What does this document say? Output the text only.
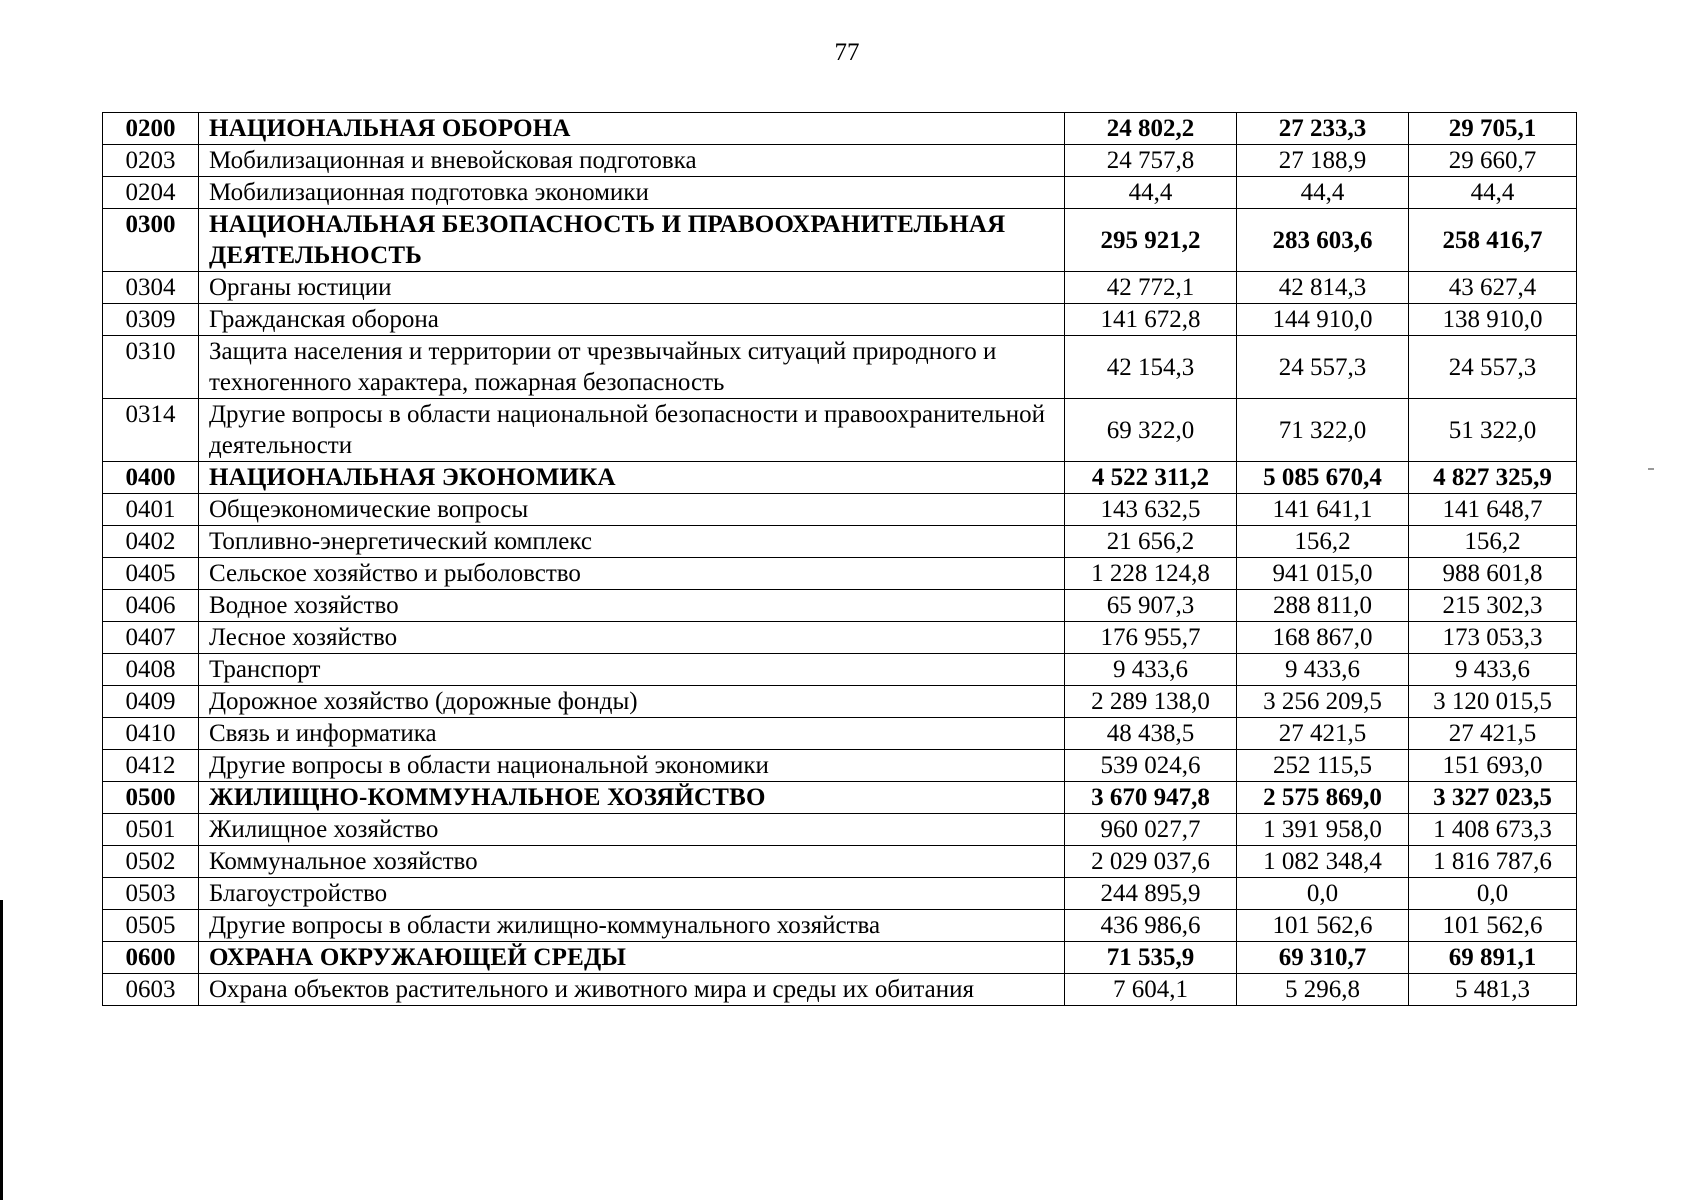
77
0200	НАЦИОНАЛЬНАЯ ОБОРОНА	24 802,2	27 233,3	29 705,1
0203	Мобилизационная и вневойсковая подготовка	24 757,8	27 188,9	29 660,7
0204	Мобилизационная подготовка экономики	44,4	44,4	44,4
0300	НАЦИОНАЛЬНАЯ БЕЗОПАСНОСТЬ И ПРАВООХРАНИТЕЛЬНАЯ ДЕЯТЕЛЬНОСТЬ	295 921,2	283 603,6	258 416,7
0304	Органы юстиции	42 772,1	42 814,3	43 627,4
0309	Гражданская оборона	141 672,8	144 910,0	138 910,0
0310	Защита населения и территории от чрезвычайных ситуаций природного и техногенного характера, пожарная безопасность	42 154,3	24 557,3	24 557,3
0314	Другие вопросы в области национальной безопасности и правоохранительной деятельности	69 322,0	71 322,0	51 322,0
0400	НАЦИОНАЛЬНАЯ ЭКОНОМИКА	4 522 311,2	5 085 670,4	4 827 325,9
0401	Общеэкономические вопросы	143 632,5	141 641,1	141 648,7
0402	Топливно-энергетический комплекс	21 656,2	156,2	156,2
0405	Сельское хозяйство и рыболовство	1 228 124,8	941 015,0	988 601,8
0406	Водное хозяйство	65 907,3	288 811,0	215 302,3
0407	Лесное хозяйство	176 955,7	168 867,0	173 053,3
0408	Транспорт	9 433,6	9 433,6	9 433,6
0409	Дорожное хозяйство (дорожные фонды)	2 289 138,0	3 256 209,5	3 120 015,5
0410	Связь и информатика	48 438,5	27 421,5	27 421,5
0412	Другие вопросы в области национальной экономики	539 024,6	252 115,5	151 693,0
0500	ЖИЛИЩНО-КОММУНАЛЬНОЕ ХОЗЯЙСТВО	3 670 947,8	2 575 869,0	3 327 023,5
0501	Жилищное хозяйство	960 027,7	1 391 958,0	1 408 673,3
0502	Коммунальное хозяйство	2 029 037,6	1 082 348,4	1 816 787,6
0503	Благоустройство	244 895,9	0,0	0,0
0505	Другие вопросы в области жилищно-коммунального хозяйства	436 986,6	101 562,6	101 562,6
0600	ОХРАНА ОКРУЖАЮЩЕЙ СРЕДЫ	71 535,9	69 310,7	69 891,1
0603	Охрана объектов растительного и животного мира и среды их обитания	7 604,1	5 296,8	5 481,3
